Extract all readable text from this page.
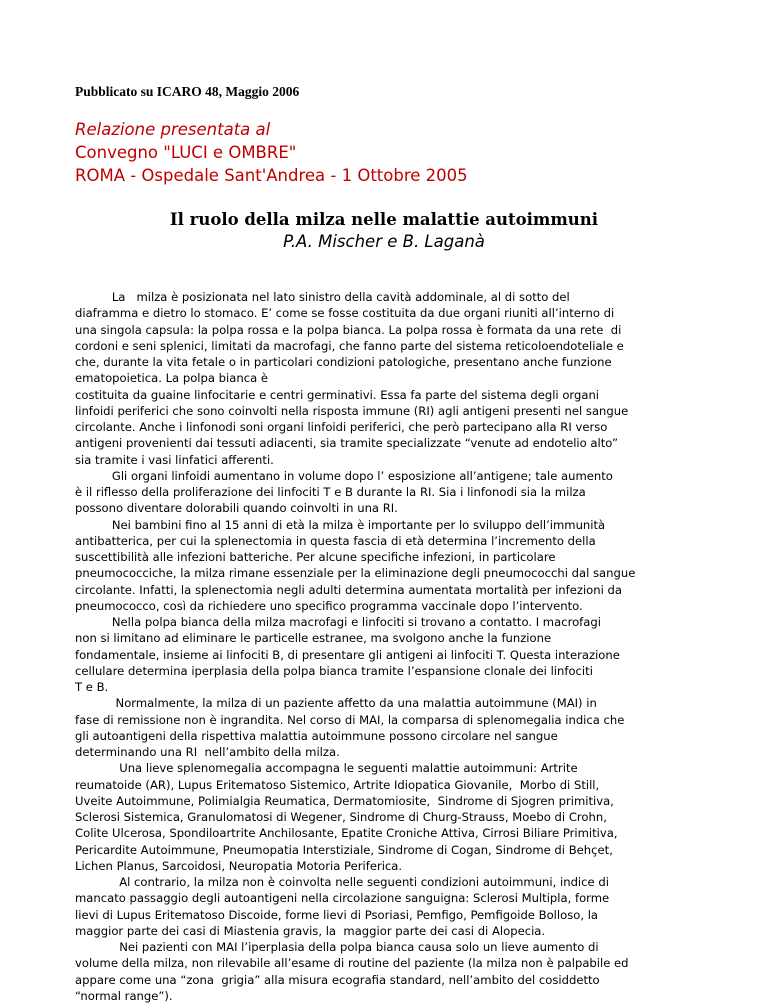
Pubblicato su ICARO 48, Maggio 2006
Relazione presentata al
Convegno "LUCI e OMBRE"
ROMA - Ospedale Sant'Andrea - 1 Ottobre 2005
Il ruolo della milza nelle malattie autoimmuni
P.A. Mischer e B. Laganà
La   milza è posizionata nel lato sinistro della cavità addominale, al di sotto del
diaframma e dietro lo stomaco. E’ come se fosse costituita da due organi riuniti all’interno di
una singola capsula: la polpa rossa e la polpa bianca. La polpa rossa è formata da una rete  di
cordoni e seni splenici, limitati da macrofagi, che fanno parte del sistema reticoloendoteliale e
che, durante la vita fetale o in particolari condizioni patologiche, presentano anche funzione
ematopoietica. La polpa bianca è
costituita da guaine linfocitarie e centri germinativi. Essa fa parte del sistema degli organi
linfoidi periferici che sono coinvolti nella risposta immune (RI) agli antigeni presenti nel sangue
circolante. Anche i linfonodi soni organi linfoidi periferici, che però partecipano alla RI verso
antigeni provenienti dai tessuti adiacenti, sia tramite specializzate “venute ad endotelio alto”
sia tramite i vasi linfatici afferenti.
Gli organi linfoidi aumentano in volume dopo l’ esposizione all’antigene; tale aumento
è il riflesso della proliferazione dei linfociti T e B durante la RI. Sia i linfonodi sia la milza
possono diventare dolorabili quando coinvolti in una RI.
Nei bambini fino al 15 anni di età la milza è importante per lo sviluppo dell’immunità
antibatterica, per cui la splenectomia in questa fascia di età determina l’incremento della
suscettibilità alle infezioni batteriche. Per alcune specifiche infezioni, in particolare
pneumococciche, la milza rimane essenziale per la eliminazione degli pneumococchi dal sangue
circolante. Infatti, la splenectomia negli adulti determina aumentata mortalità per infezioni da
pneumococco, così da richiedere uno specifico programma vaccinale dopo l’intervento.
Nella polpa bianca della milza macrofagi e linfociti si trovano a contatto. I macrofagi
non si limitano ad eliminare le particelle estranee, ma svolgono anche la funzione
fondamentale, insieme ai linfociti B, di presentare gli antigeni ai linfociti T. Questa interazione
cellulare determina iperplasia della polpa bianca tramite l’espansione clonale dei linfociti
T e B.
Normalmente, la milza di un paziente affetto da una malattia autoimmune (MAI) in
fase di remissione non è ingrandita. Nel corso di MAI, la comparsa di splenomegalia indica che
gli autoantigeni della rispettiva malattia autoimmune possono circolare nel sangue
determinando una RI  nell’ambito della milza.
Una lieve splenomegalia accompagna le seguenti malattie autoimmuni: Artrite
reumatoide (AR), Lupus Eritematoso Sistemico, Artrite Idiopatica Giovanile,  Morbo di Still,
Uveite Autoimmune, Polimialgia Reumatica, Dermatomiosite,  Sindrome di Sjogren primitiva,
Sclerosi Sistemica, Granulomatosi di Wegener, Sindrome di Churg-Strauss, Moebo di Crohn,
Colite Ulcerosa, Spondiloartrite Anchilosante, Epatite Croniche Attiva, Cirrosi Biliare Primitiva,
Pericardite Autoimmune, Pneumopatia Interstiziale, Sindrome di Cogan, Sindrome di Behçet,
Lichen Planus, Sarcoidosi, Neuropatia Motoria Periferica.
Al contrario, la milza non è coinvolta nelle seguenti condizioni autoimmuni, indice di
mancato passaggio degli autoantigeni nella circolazione sanguigna: Sclerosi Multipla, forme
lievi di Lupus Eritematoso Discoide, forme lievi di Psoriasi, Pemfigo, Pemfigoide Bolloso, la
maggior parte dei casi di Miastenia gravis, la  maggior parte dei casi di Alopecia.
Nei pazienti con MAI l’iperplasia della polpa bianca causa solo un lieve aumento di
volume della milza, non rilevabile all’esame di routine del paziente (la milza non è palpabile ed
appare come una “zona  grigia” alla misura ecografia standard, nell’ambito del cosiddetto
“normal range”).
